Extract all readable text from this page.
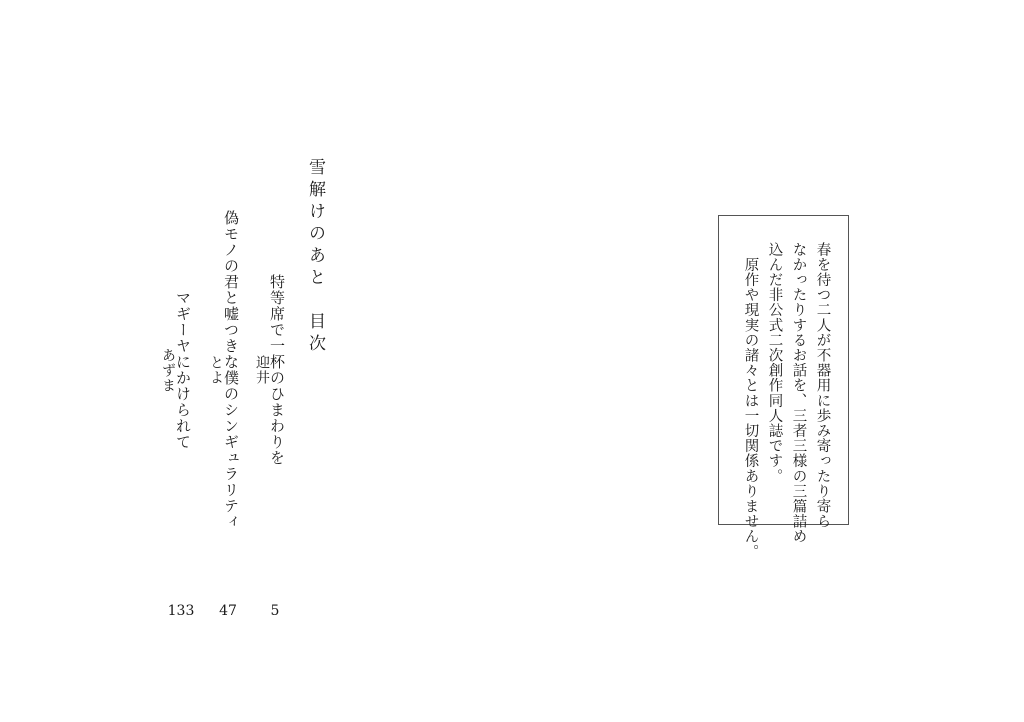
雪解けのあと　目次
特等席で一杯のひまわりを
迎井
5
偽モノの君と嘘つきな僕のシンギュラリティ
とよ
47
マギーヤにかけられて
あずま
133
春を待つ二人が不器用に歩み寄ったり寄ら
なかったりするお話を、三者三様の三篇詰め
込んだ非公式二次創作同人誌です。
　原作や現実の諸々とは一切関係ありません。
